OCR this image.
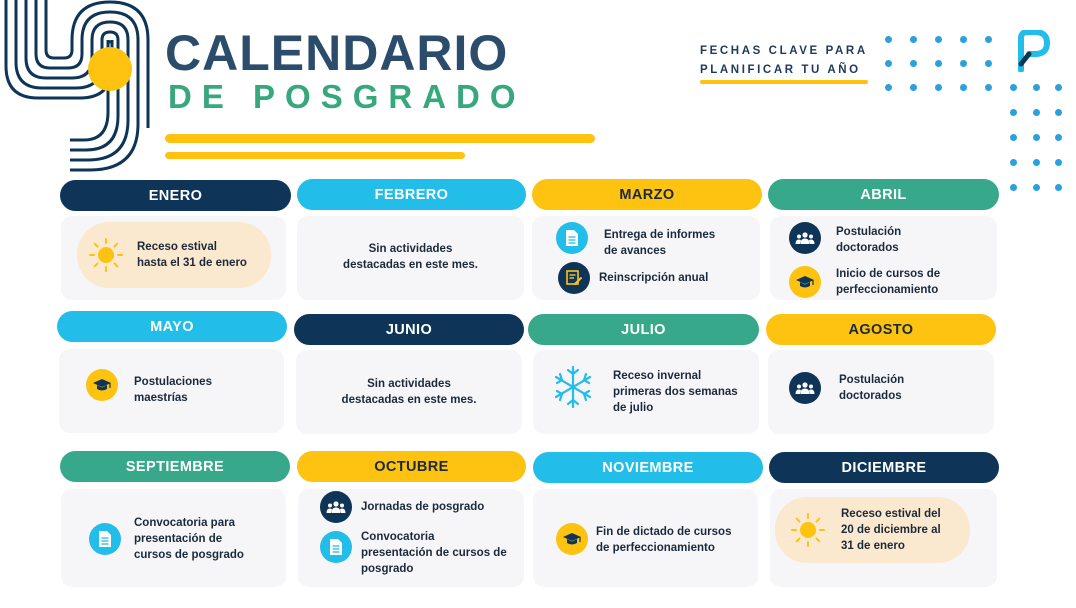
CALENDARIO
DE POSGRADO
FECHAS CLAVE PARA
PLANIFICAR TU AÑO
ENERO
Receso estival
hasta el 31 de enero
FEBRERO
Sin actividades
destacadas en este mes.
MARZO
Entrega de informes
de avances
Reinscripción anual
ABRIL
Postulación
doctorados
Inicio de cursos de
perfeccionamiento
MAYO
Postulaciones
maestrías
JUNIO
Sin actividades
destacadas en este mes.
JULIO
Receso invernal
primeras dos semanas
de julio
AGOSTO
Postulación
doctorados
SEPTIEMBRE
Convocatoria para
presentación de
cursos de posgrado
OCTUBRE
Jornadas de posgrado
Convocatoria
presentación de cursos de
posgrado
NOVIEMBRE
Fin de dictado de cursos
de perfeccionamiento
DICIEMBRE
Receso estival del
20 de diciembre al
31 de enero
